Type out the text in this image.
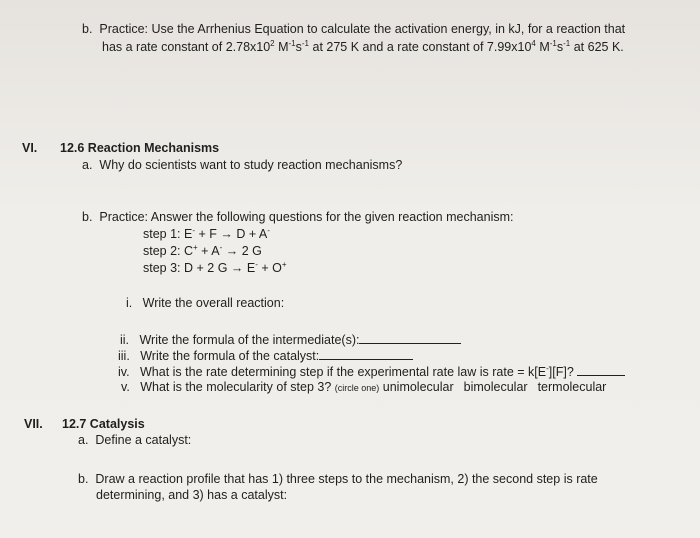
b. Practice: Use the Arrhenius Equation to calculate the activation energy, in kJ, for a reaction that
has a rate constant of $2.78x10^2$ $M^{-1}s^{-1}$ at 275 K and a rate constant of $7.99x10^4$ $M^{-1}s^{-1}$ at 625 K.
VI. 12.6 Reaction Mechanisms
a. Why do scientists want to study reaction mechanisms?
b. Practice: Answer the following questions for the given reaction mechanism:
step 1: E- + F → D + A-
step 2: C+ + A- → 2 G
step 3: D + 2 G → E- + O+
i. Write the overall reaction:
ii. Write the formula of the intermediate(s):
iii. Write the formula of the catalyst:
iv. What is the rate determining step if the experimental rate law is rate = k[E-][F]?
v. What is the molecularity of step 3? (circle one) unimolecular bimolecular termolecular
VII. 12.7 Catalysis
a. Define a catalyst:
b. Draw a reaction profile that has 1) three steps to the mechanism, 2) the second step is rate
determining, and 3) has a catalyst:
